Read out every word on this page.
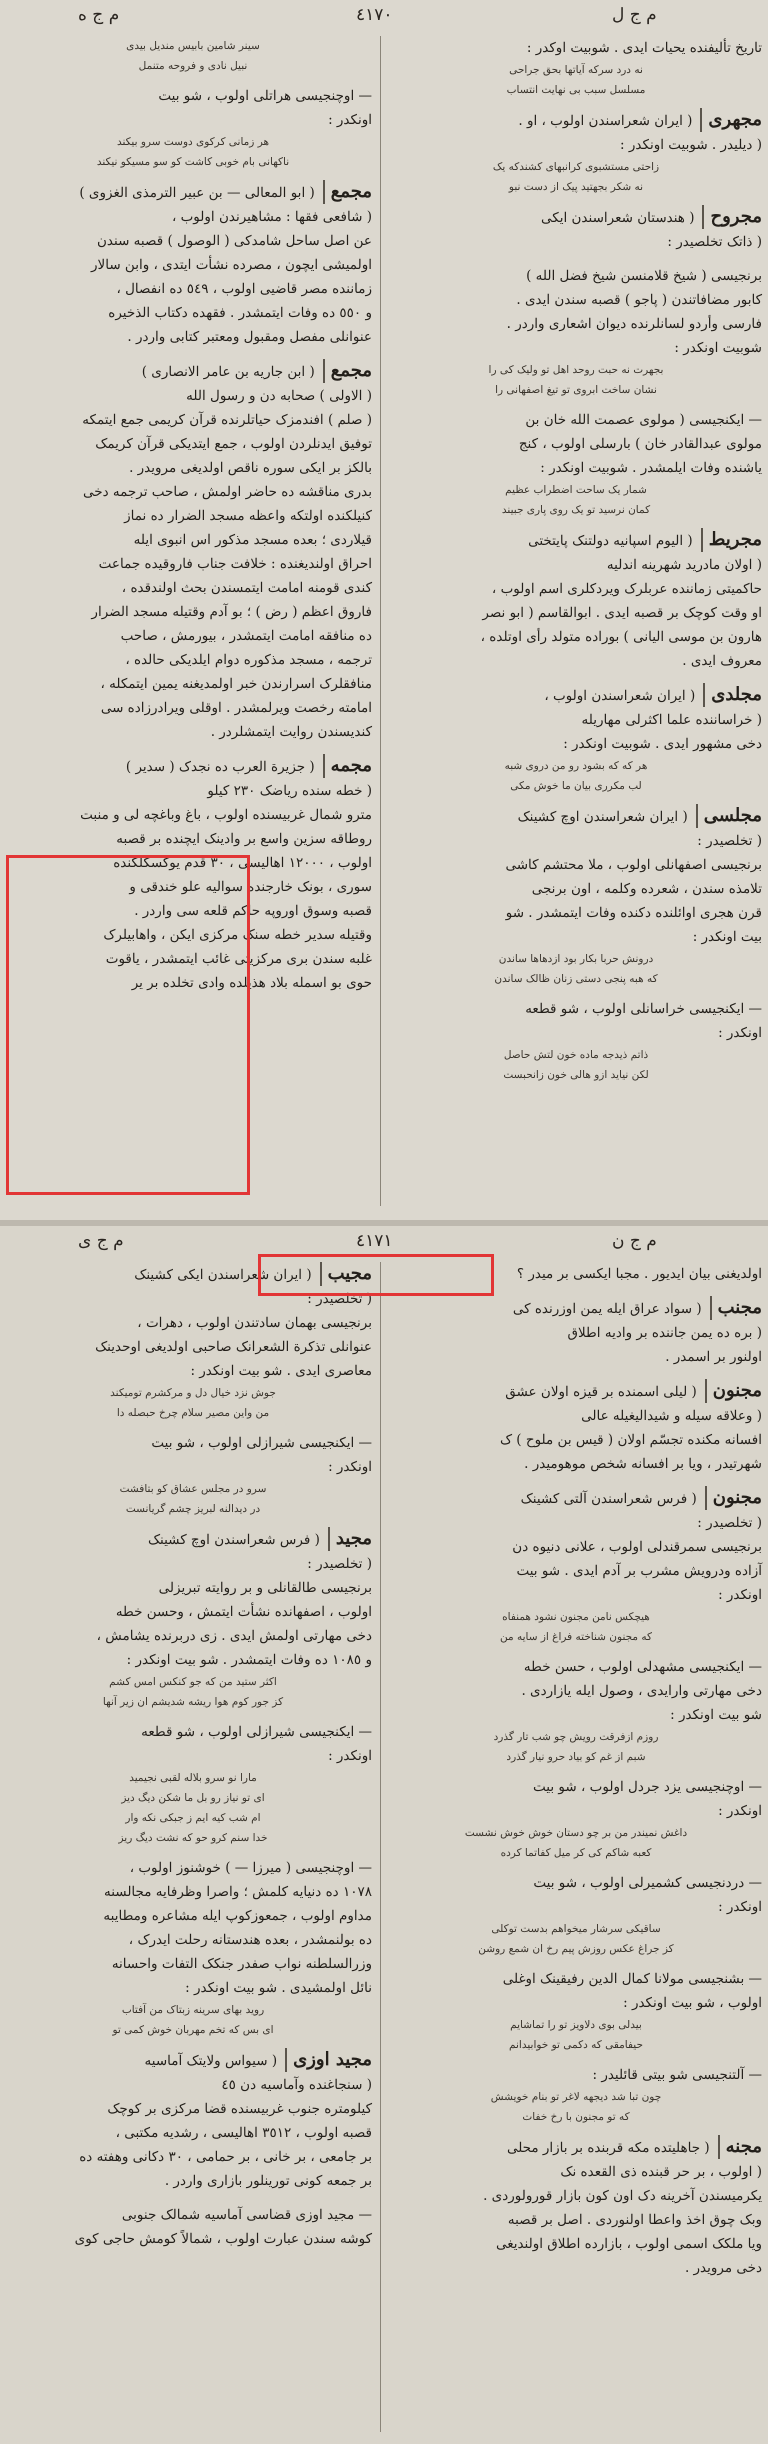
م ج ه	٤١٧٠	م ج ل
تاریخ تألیفنده یحیات ایدی . شوبیت اوکدر :
نه درد سرکه آیاتها بحق جراحی
مسلسل سبب بی نهایت انتساب
مجهری( ایران شعراسندن اولوب ، او .
( دیلیدر . شوبیت اونکدر :
زاحتی مستشبوی کرانبهای کشندکه یک
نه شکر بجهتید پیک از دست نبو
مجروح( هندستان شعراسندن ایکی
( ذاتک تخلصیدر :
برنجیسی ( شیخ قلامنسن شیخ فضل الله )
کابور مضافاتندن ( پاجو ) قصبه سندن ایدی .
فارسی وأردو لسانلرنده دیوان اشعاری واردر .
شوبیت اونکدر :
بجهرت نه حبت روحد اهل تو ولیک کی را
نشان ساخت ابروی تو تیغ اصفهانی را
— ایکنجیسی ( مولوی عصمت الله خان بن
مولوی عبدالقادر خان ) بارسلی اولوب ، کنج
یاشنده وفات ایلمشدر . شوبیت اونکدر :
شمار یک ساحت اضطراب عظیم
کمان نرسید تو یک روی پاری جبیند
مجریط( الیوم اسپانیه دولتنک پایتختی
( اولان مادرید شهرینه اندلیه
حاکمیتی زماننده عربلرک ویردکلری اسم اولوب ،
او وقت کوچک بر قصبه ایدی . ابوالقاسم ( ابو نصر
هارون بن موسی الیانی ) بوراده متولد رأی اوتلده ،
معروف ایدی .
مجلدی( ایران شعراسندن اولوب ،
( خراساننده علما اکثرلی مهاریله
دخی مشهور ایدی . شوبیت اونکدر :
هر که که بشود رو من دروی شبه
لب مکرری بیان ما خوش مکی
مجلسی( ایران شعراسندن اوچ کشینک
( تخلصیدر :
برنجیسی اصفهانلی اولوب ، ملا محتشم کاشی
تلامذه سندن ، شعرده وکلمه ، اون برنجی
قرن هجری اوائلنده دکنده وفات ایتمشدر . شو
بیت اونکدر :
درونش حربا بکار بود ازدهاها ساندن
که هبه پنجی دستی زنان ظالک ساندن
— ایکنجیسی خراسانلی اولوب ، شو قطعه
اونکدر :
ذاتم ذیدجه ماده خون لتش حاصل
لکن نیاید ازو هالی خون زانحبست
سینر شامین بابیس مندیل بیدی
نبیل نادی و فروحه متنمل
— اوچنجیسی هراتلی اولوب ، شو بیت
اونکدر :
هر زمانی کرکوی دوست سرو بیکند
ناکهانی بام خوبی کاشت کو سو مسیکو نیکند
مجمع( ابو المعالی — بن عبیر الترمذی الغزوی )
( شافعی فقها : مشاهیرندن اولوب ،
عن اصل ساحل شامدکی ( الوصول ) قصبه سندن
اولمیشی ایچون ، مصرده نشأت ایتدی ، وابن سالار
زماننده مصر قاضیی اولوب ، ٥٤٩ ده انفصال ،
و ٥٥٠ ده وفات ایتمشدر . فقهده دکتاب الذخیره
عنوانلی مفصل ومقبول ومعتبر کتابی واردر .
مجمع( ابن جاریه بن عامر الانصاری )
( الاولی ) صحابه دن و رسول الله
( صلم ) افندمزک حیاتلرنده قرآن کریمی جمع ایتمکه
توفیق ایدنلردن اولوب ، جمع ایتدیکی قرآن کریمک
بالکز بر ایکی سوره ناقص اولدیغی مرویدر .
بدری مناقشه ده حاضر اولمش ، صاحب ترجمه دخی
کنیلکنده اولتکه واعظه مسجد الضرار ده نماز
قیلاردی ؛ بعده مسجد مذکور اس انبوی ایله
احراق اولندیغنده : خلافت جناب فاروقیده جماعت
کندی قومنه امامت ایتمسندن بحث اولندقده ،
فاروق اعظم ( رض ) ؛ بو آدم وقتیله مسجد الضرار
ده منافقه امامت ایتمشدر ، بیورمش ، صاحب
ترجمه ، مسجد مذکوره دوام ایلدیکی حالده ،
منافقلرک اسرارندن خبر اولمدیغنه یمین ایتمکله ،
امامته رخصت ویرلمشدر . اوقلی ویرادرزاده سی
کندیسندن روایت ایتمشلردر .
مجمه( جزیرة العرب ده نجدک ( سدیر )
( خطه سنده ریاضک ٢٣٠ کیلو
مترو شمال غربیسنده اولوب ، باغ وباغچه لی و منبت
روطاقه سزین واسع بر وادینک ایچنده بر قصبه
اولوب ، ١٢٠٠٠ اهالیسی ، ٣٠ قدم یوکسکلکنده
سوری ، بونک خارجنده سوالیه علو خندقی و
قصبه وسوق اوروپه حاکم قلعه سی واردر .
وقتیله سدیر خطه سنک مرکزی ایکن ، واهابیلرک
غلبه سندن بری مرکزیتی غائب ایتمشدر ، یاقوت
حوی بو اسمله بلاد هذیلده وادی تخلده بر یر
م ج ی	٤١٧١	م ج ن
اولدیغنی بیان ایدیور . مجبا ایکسی بر میدر ؟
مجنب( سواد عراق ایله یمن اوزرنده کی
( بره ده یمن جاننده بر وادیه اطلاق
اولنور بر اسمدر .
مجنون( لیلی اسمنده بر قیزه اولان عشق
( وعلاقه سیله و شیدالیغیله عالی
افسانه مکنده تجسّم اولان ( قیس بن ملوح ) ک
شهرتیدر ، ویا بر افسانه شخص موهومیدر .
مجنون( فرس شعراسندن آلتی کشینک
( تخلصیدر :
برنجیسی سمرقندلی اولوب ، علانی دنیوه دن
آزاده ودرویش مشرب بر آدم ایدی . شو بیت
اونکدر :
هیچکس نامن مجنون نشود همنفاه
که مجنون شناخته فراغ از سایه من
— ایکنجیسی مشهدلی اولوب ، حسن خطه
دخی مهارتی وارایدی ، وصول ایله یازاردی .
شو بیت اونکدر :
روزم ازفرقت رویش چو شب تار گذرد
شبم از غم کو بیاد حرو نیار گذرد
— اوچنجیسی یزد جردل اولوب ، شو بیت
اونکدر :
داغش نمیندر من بر چو دستان خوش خوش نشست
کعبه شاکم کی کر میل کفاتما کرده
— دردنجیسی کشمیرلی اولوب ، شو بیت
اونکدر :
ساقیکی سرشار میخواهم بدست توکلی
کز جراغ عکس روزش پیم رخ ان شمع روشن
— بشنجیسی مولانا کمال الدین رفیقینک اوغلی
اولوب ، شو بیت اونکدر :
بیدلی بوی دلاویز تو را تماشایم
حیفامقی که دکمی تو خوابیدانم
— آلتنجیسی شو بیتی قائلیدر :
چون تبا شد دیجهه لاغر تو بنام خویشش
که تو مجنون با رخ خفات
مجنه( جاهلیتده مکه قربنده بر بازار محلی
( اولوب ، بر حر قبنده ذی القعده نک
یکرمیسندن آخرینه دک اون کون بازار قورولوردی .
وبک چوق اخذ واعطا اولنوردی . اصل بر قصبه
ویا ملکک اسمی اولوب ، بازارده اطلاق اولندیغی
دخی مرویدر .
مجیب( ایران شعراسندن ایکی کشینک
( تخلصیدر :
برنجیسی بهمان سادتندن اولوب ، دهرات ،
عنوانلی تذکرة الشعرانک صاحبی اولدیغی اوحدینک
معاصری ایدی . شو بیت اونکدر :
جوش نزد خیال دل و مرکشرم تومیکند
من واین مصیر سلام چرخ حبصله دا
— ایکنجیسی شیرازلی اولوب ، شو بیت
اونکدر :
سرو در مجلس عشاق کو بتافشت
در دیدالنه لبریز چشم گریانست
مجید( فرس شعراسندن اوچ کشینک
( تخلصیدر :
برنجیسی طالقانلی و بر روایته تبریزلی
اولوب ، اصفهانده نشأت ایتمش ، وحسن خطه
دخی مهارتی اولمش ایدی . زی دربرنده یشامش ،
و ١٠٨٥ ده وفات ایتمشدر . شو بیت اونکدر :
اکثر ستید من که جو کنکس امس کشم
کز جور کوم هوا ریشه شدیشم ان زیر آنها
— ایکنجیسی شیرازلی اولوب ، شو قطعه
اونکدر :
مارا نو سرو بلاله لقبی نجیمید
ای تو نیاز رو بل ما شکن دیگ دیز
ام شب کیه ایم ز جبکی نکه وار
خدا سنم کرو حو که نشت دیگ ریز
— اوچنجیسی ( میرزا — ) خوشنوز اولوب ،
١٠٧٨ ده دنیایه کلمش ؛ واصرا وظرفایه مجالسنه
مداوم اولوب ، جمعوزکوپ ایله مشاعره ومطایبه
ده بولنمشدر ، بعده هندستانه رحلت ایدرک ،
وزرالسلطنه نواب صفدر جنکک التفات واحسانه
نائل اولمشیدی . شو بیت اونکدر :
روید بهای سرینه زبتاک من آفتاب
ای بس که تخم مهربان خوش کمی تو
مجید اوزی( سیواس ولایتک آماسیه
( سنجاغنده وآماسیه دن ٤٥
کیلومتره جنوب غربیسنده قضا مرکزی بر کوچک
قصبه اولوب ، ٣٥١٢ اهالیسی ، رشدیه مکتبی ،
بر جامعی ، بر خانی ، بر حمامی ، ٣٠ دکانی وهفته ده
بر جمعه کونی تورینلور بازاری واردر .
— مجید اوزی قضاسی آماسیه شمالک جنوبی
کوشه سندن عبارت اولوب ، شمالاً کومش حاجی کوی
